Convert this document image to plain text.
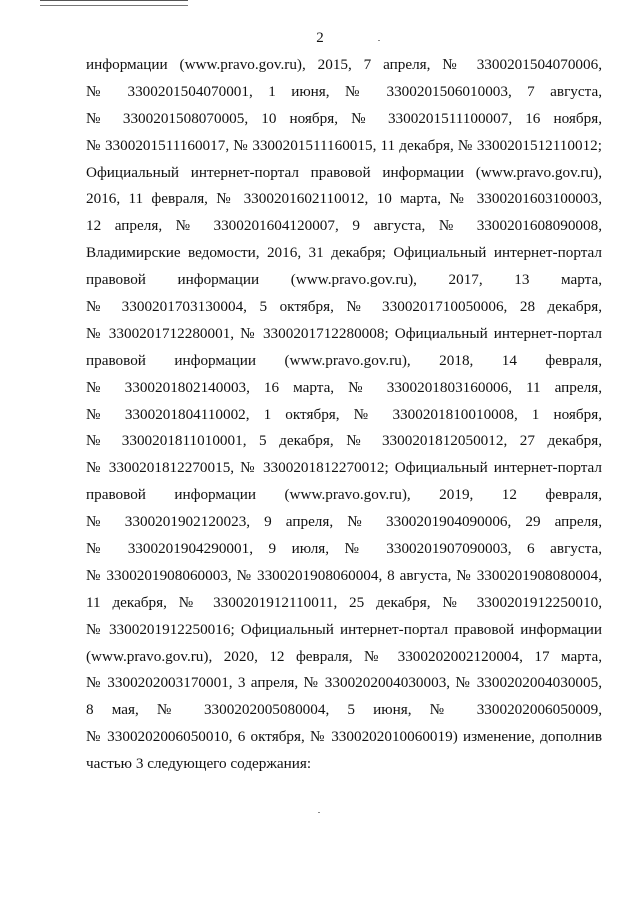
2
информации (www.pravo.gov.ru), 2015, 7 апреля, № 3300201504070006,
№ 3300201504070001, 1 июня, № 3300201506010003, 7 августа,
№ 3300201508070005, 10 ноября, № 3300201511100007, 16 ноября,
№ 3300201511160017, № 3300201511160015, 11 декабря, № 3300201512110012;
Официальный интернет-портал правовой информации (www.pravo.gov.ru),
2016, 11 февраля, № 3300201602110012, 10 марта, № 3300201603100003,
12 апреля, № 3300201604120007, 9 августа, № 3300201608090008,
Владимирские ведомости, 2016, 31 декабря; Официальный интернет-портал
правовой информации (www.pravo.gov.ru), 2017, 13 марта,
№ 3300201703130004, 5 октября, № 3300201710050006, 28 декабря,
№ 3300201712280001, № 3300201712280008; Официальный интернет-портал
правовой информации (www.pravo.gov.ru), 2018, 14 февраля,
№ 3300201802140003, 16 марта, № 3300201803160006, 11 апреля,
№ 3300201804110002, 1 октября, № 3300201810010008, 1 ноября,
№ 3300201811010001, 5 декабря, № 3300201812050012, 27 декабря,
№ 3300201812270015, № 3300201812270012; Официальный интернет-портал
правовой информации (www.pravo.gov.ru), 2019, 12 февраля,
№ 3300201902120023, 9 апреля, № 3300201904090006, 29 апреля,
№ 3300201904290001, 9 июля, № 3300201907090003, 6 августа,
№ 3300201908060003, № 3300201908060004, 8 августа, № 3300201908080004,
11 декабря, № 3300201912110011, 25 декабря, № 3300201912250010,
№ 3300201912250016; Официальный интернет-портал правовой информации
(www.pravo.gov.ru), 2020, 12 февраля, № 3300202002120004, 17 марта,
№ 3300202003170001, 3 апреля, № 3300202004030003, № 3300202004030005,
8 мая, № 3300202005080004, 5 июня, № 3300202006050009,
№ 3300202006050010, 6 октября, № 3300202010060019) изменение, дополнив
частью 3 следующего содержания:
